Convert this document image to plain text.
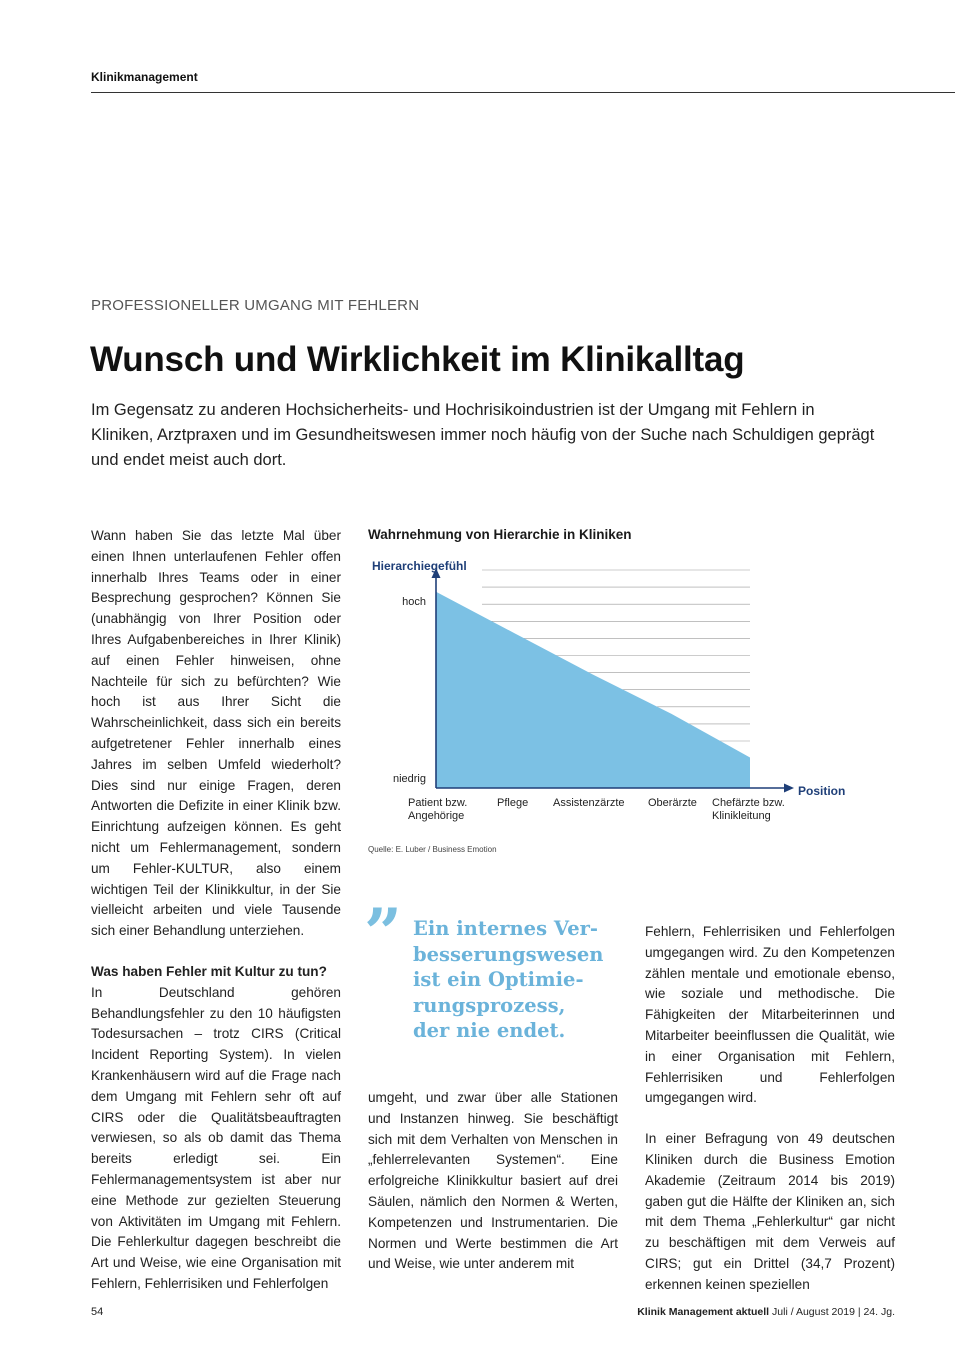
Klinikmanagement
PROFESSIONELLER UMGANG MIT FEHLERN
Wunsch und Wirklichkeit im Klinikalltag

Im Gegensatz zu anderen Hochsicherheits- und Hochrisikoindustrien ist der Umgang mit Fehlern in Kliniken, Arztpraxen und im Gesundheitswesen immer noch häufig von der Suche nach Schuldigen geprägt und endet meist auch dort.

Wann haben Sie das letzte Mal über einen Ihnen unterlaufenen Fehler offen innerhalb Ihres Teams oder in einer Besprechung gesprochen? Können Sie (unabhängig von Ihrer Position oder Ihres Aufgabenbereiches in Ihrer Klinik) auf einen Fehler hinweisen, ohne Nachteile für sich zu befürchten? Wie hoch ist aus Ihrer Sicht die Wahrscheinlichkeit, dass sich ein bereits aufgetretener Fehler innerhalb eines Jahres im selben Umfeld wiederholt? Dies sind nur einige Fragen, deren Antworten die Defizite in einer Klinik bzw. Einrichtung aufzeigen können. Es geht nicht um Fehlermanagement, sondern um Fehler-KULTUR, also einem wichtigen Teil der Klinikkultur, in der Sie vielleicht arbeiten und viele Tausende sich einer Behandlung unterziehen.

Was haben Fehler mit Kultur zu tun?

In Deutschland gehören Behandlungsfehler zu den 10 häufigsten Todesursachen – trotz CIRS (Critical Incident Reporting System). In vielen Krankenhäusern wird auf die Frage nach dem Umgang mit Fehlern sehr oft auf CIRS oder die Qualitätsbeauftragten verwiesen, so als ob damit das Thema bereits erledigt sei. Ein Fehlermanagementsystem ist aber nur eine Methode zur gezielten Steuerung von Aktivitäten im Umgang mit Fehlern. Die Fehlerkultur dagegen beschreibt die Art und Weise, wie eine Organisation mit Fehlern, Fehlerrisiken und Fehlerfolgen

Wahrnehmung von Hierarchie in Kliniken
Hierarchiegefühl
Position
niedrig
hoch
Patient bzw.
Angehörige
Pflege Assistenzärzte Oberärzte Chefärzte bzw.
Klinikleitung
Quelle: E. Luber / Business Emotion
” Ein internes Ver-
besserungswesen
ist ein Optimie-
rungsprozess,
der nie endet.

umgeht, und zwar über alle Stationen und Instanzen hinweg. Sie beschäftigt sich mit dem Verhalten von Menschen in „fehlerrelevanten Systemen“. Eine erfolgreiche Klinikkultur basiert auf drei Säulen, nämlich den Normen & Werten, Kompetenzen und Instrumentarien. Die Normen und Werte bestimmen die Art und Weise, wie unter anderem mit

Fehlern, Fehlerrisiken und Fehlerfolgen umgegangen wird. Zu den Kompetenzen zählen mentale und emotionale ebenso, wie soziale und methodische. Die Fähigkeiten der Mitarbeiterinnen und Mitarbeiter beeinflussen die Qualität, wie in einer Organisation mit Fehlern, Fehlerrisiken und Fehlerfolgen umgegangen wird.

In einer Befragung von 49 deutschen Kliniken durch die Business Emotion Akademie (Zeitraum 2014 bis 2019) gaben gut die Hälfte der Kliniken an, sich mit dem Thema „Fehlerkultur“ gar nicht zu beschäftigen mit dem Verweis auf CIRS; gut ein Drittel (34,7 Prozent) erkennen keinen speziellen

54	Klinik Management aktuell Juli / August 2019 | 24. Jg.
